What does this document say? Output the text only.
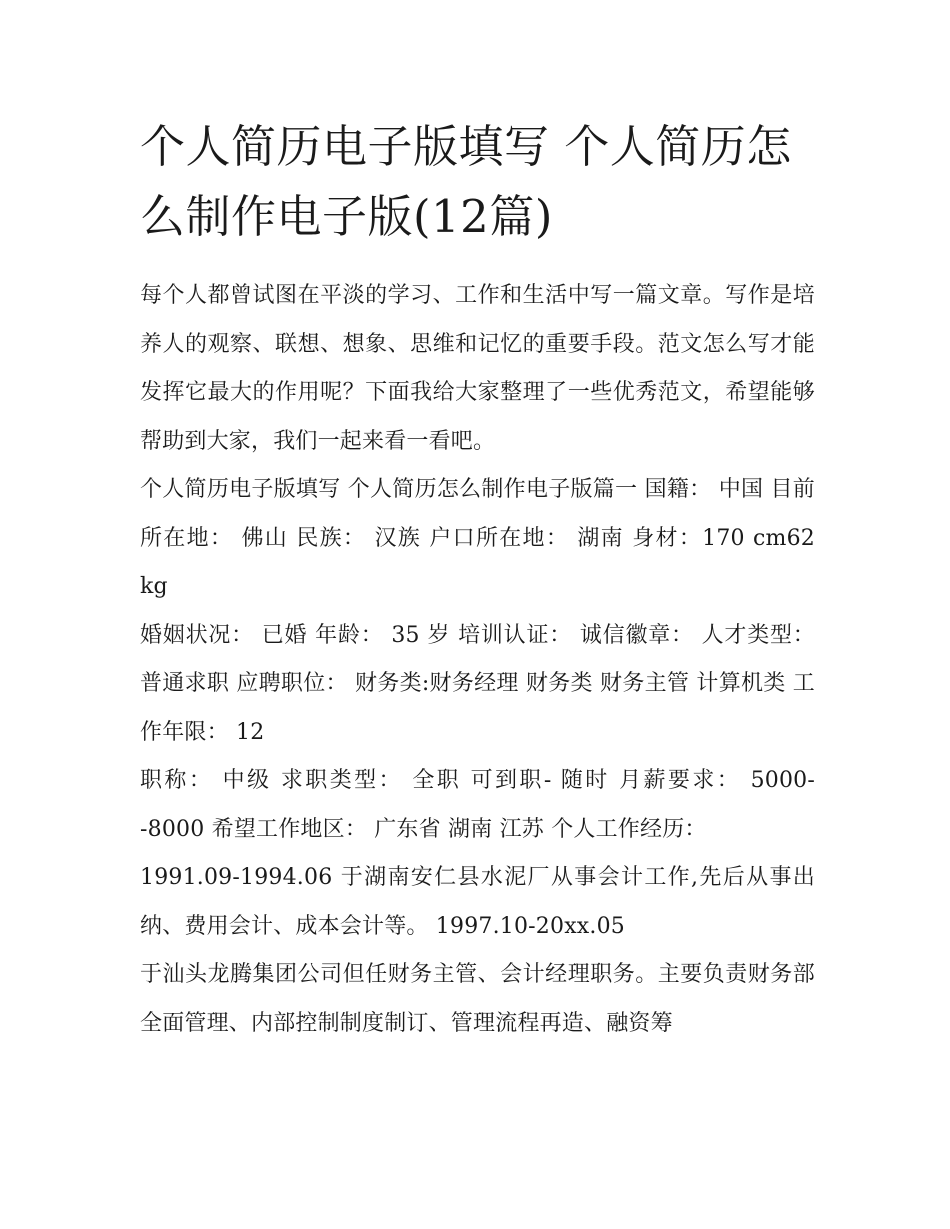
个人简历电子版填写 个人简历怎么制作电子版(12篇)

每个人都曾试图在平淡的学习、工作和生活中写一篇文章。写作是培养人的观察、联想、想象、思维和记忆的重要手段。范文怎么写才能发挥它最大的作用呢？下面我给大家整理了一些优秀范文，希望能够帮助到大家，我们一起来看一看吧。

个人简历电子版填写 个人简历怎么制作电子版篇一 国籍： 中国 目前所在地： 佛山 民族： 汉族 户口所在地： 湖南 身材：170 cm62 kg

婚姻状况： 已婚 年龄： 35 岁 培训认证： 诚信徽章： 人才类型： 普通求职 应聘职位： 财务类:财务经理 财务类 财务主管 计算机类 工作年限： 12

职称： 中级 求职类型： 全职 可到职- 随时 月薪要求： 5000--8000 希望工作地区： 广东省 湖南 江苏 个人工作经历：

1991.09-1994.06 于湖南安仁县水泥厂从事会计工作,先后从事出纳、费用会计、成本会计等。 1997.10-20xx.05

于汕头龙腾集团公司但任财务主管、会计经理职务。主要负责财务部全面管理、内部控制制度制订、管理流程再造、融资筹
